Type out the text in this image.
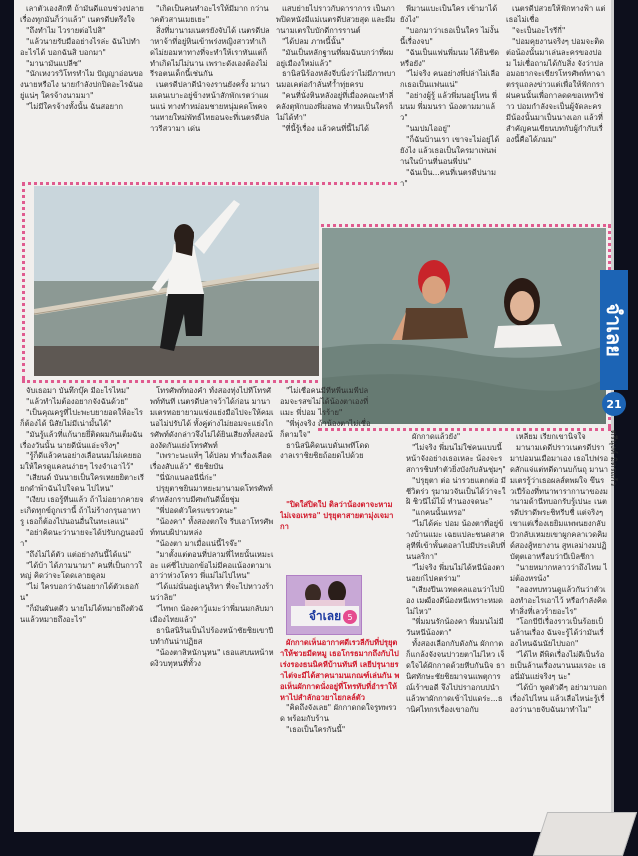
เลาตัวเองสักที ถ้ามันดีแถบช่วงปลายเรื่องทุกมันก็ว่าแล้ว" เนตรดีปตรึงใจ

"ถึงทำไม ไวรายต่อไปสิ"

"แล้วนายรับมืออย่างไรล่ะ ฉันไปทำอะไรได้ บอกฉันสิ บอกมา"

"มานามันแปลีช"

"นักเหงวรวิโทรทำไม ปัญญาอ่อนของนายหรือไง นายกำลังปกปิดอะไรฉันอยู่แน่ๆ ใครจ้างนามมา"

"ไม่มีใครจ้างทั้งนั้น ฉันสอยาก

"เกิดเป็นคนทำอะไรให้มีมาก กว่านาคตัวสานเมยเยะ"

สิ่งที่มานามเนตรยังจับได้ เนตรดีปลาหาจ้าที่อยู่หินเข้าพร่งหญิงสาวทำเกิดไม่ยอมหาทางที่จะทำให้เราทันแต่ก็ทำเกิดไม่ไม่นาน เพราะดังเองต้องไม่รีรอตนเด็กนี้เช่นกัน

เนตรดีปลาดีนำจงรานยังครั้ง มานามเดนเบาะอยู่ข้างหน้าสักพักเรตว่าแผนแน่ ทางทำหม่อมชายหนุ่มคดโพคจานทายใหม่พัทธ์ไทยอนจะที่เนตรดีปลาวรีสวามา เด่น

แสบย่ายไปราวกับดาราการ เป็นภาพปิดหนังมีแม่เนตรดีปสวยสุด และมีมานามเตรใบบักดีการรานต์

"ได้ปลม ภาพนี้นั้น"

"มันเป็นหลักฐานที่ผมฉันบกว่าที่ผมอยู่เมืองใหม่แล้ว"

ธานิสนิร้องหลังจีบนิ่งว่าไม่มีภาพบานมอเคต่อกำลั่นทำ้ำทุ่ยครบ

"คนที่นั่งหินหลังอยู่ที่เมื่องคณะทำลี่คลังตุพักบองพี่มอพอ ทำหมเป็นใครก็ไม่ได้ทำ"

"ที่นี้รู้เรื่อง แล้วคนที่นี้ไม่ได้

พี่มานแบะเป็นใคร เข้ามาได้ยังไง"

"บอกมาว่าเธอเป็นใคร ไม่งั้นนี้เรื่องจบ"

"ฉันเป็นแฟนพี่มนม ได้ยินชัดหรือยัง"

"ไม่จริง คนอย่างพี่ปล่าไม่เลือกเธอเป็นแฟนแน่"

"อย่างผู้รู้ แล้วพี่มนอยู่ไหน พี่มนม พี่มมนรา น้องตามมาแล้ว"

"นมปมไออยู่"

"ก็ฉันบ้านเรา เขาจะไม่อยู่ได้ยังไง แล้วเธอเป็นใครมาเพ่นพ่านในบ้านที่นอนพี่ปน"

"ฉันเป็น...คนที่เนตรดีปนามา"

เนตรดีปสวยให้ฟักทางฟ้า แต่เธอไม่เชื่อ

"จะเป็นอะไรรีกี่"

"ปอมคุยงานจริงๆ ปอมจะติดต่อน้องนั้นมาเล่นละครของปอม ไม่เชื่อถามได้กับสิ่ง จังว่าปลอมอยากจะเขียรโทรศัพท์หาฉาตรรุแถลงข่าวแต่เพื่อให้ฟักกราฝนคนนั้นเพื่อกาลดดขอเหทวิช่าว ปอมกำลังจะเป็นผู้จัดละคร มีน้องนั้นมาเป็นนางเอก แล้วที่สำคัญคนเขียนบทกับผู้กำกับเรื่องนี้คือได้ภมม"

จับเธอมา บันทึกบุ๊ค มีอะไรไหม"

"แล้วทำไมต้องอยากจังฉันด้วย"

"เป็นคุณครูที่ไปะพะบยายอดให้อะไรก็ต้องได้ นิสัยไม่มีเน่ามั้นได้"

"มันรู้แล้วที่แก้นายยึ่ติดผมกันเต็มฉันเรื่องวันนั้น นายดีนั่นแอ่ะจริงๆ"

"รู้ก็ดีแล้วคนอย่างเลือนนมไม่เคยยอมให้ใครดูแคลนง่ายๆ ไรงจำเอาไว้"

"เสียนด์ บันนายเป็นใครเหยยยิตาะเรียกดำพ้าฉันไปใจดน ไปไหน"

"เงียบ เธอรู้ทีนแล้ว ถ้าไม่อยากคายจะเกิดทุกข์ถูกเรานี้ ถ้าไม่ร้างกรุนอาหารู เธอก็ต้องไปนอนอื่นในทะเลแน่"

"อย่าคิดนะว่านายจะได้ปรับกฎนองบ้า"

"ถึงไม่ได้ตัว แต่อย่างกันนี้ได้แน่"

"ได้บ้า ได้ภามนามา" คนที่เป็นกาวใหญ่ คิดว่าจะโดดเลายดูลม

"ไม่ ใครบอกว่าฉันอยากได้ตัวเธอกัน"

"ก็มันผันตดีว นายไม่ได้หมายถึงตัวฉันแล้วหมายถึงอะไร"

โทรศัพท์ทองคำ ทั้งสองทุ่งไปที่โทรศัพท์ทันที เนตรดีปลาจว้าได้ก่อน มานามเตรทอยายามแข่งแย่งมือไปจะให้คมเนอไม่ปรับได้ ทั้งคู่ต่างไม่ยอมจะแย่งไกรศัพท์ดังกล่าวจึงไม่ได้ยินเสียงทั้งสองน้องงัดกันแย่งโทรศัพท์

"เพราะนะแท้ๆ ได้ปลม ทำเรื่องเลือดเรื่องสับแล้ว" ชัยชิยบัน

"นี่นักแนลอนีนี่ก่ะ"

ปรุยุตาชยินมาหยะมานามดโทรศัพท์ดำหลังกราบมีศพกันดีนั้ยชุ่ม

"พี่ปอดตัวใครแขรวดนะ"

"น้องคา" ทั้งสองตกใจ รีบเอาโทรศัพท์ทนบผิปามหล่ง

"น้องตา มาเมื่อแน่นี้ไรจ๊ะ"

"มาตั้งแต่ตอนที่ปลามพี่ไทยนั้นเหมะเอะ แค่ซี่ไปบอกข้อไม่มีคอแน้องตามาเอาว่าห่วงโดรว พี่แม่ไม่ไปไหน"

"ได้แม่นั่นอยู่เลนุริหา ที่จะไปหาวงร้านว่าลิย"

"ไทพก น้องคาวู้แมะว่าพี่มนมกลับมาเมืองไทยแล้ว"

ธานิสนิรินเป็นไปร้องหน้าชัยชิยเขาปีบทำกันน่าปฏิยส

"น้องตาสิหนักนุหน" เธอแสบนหน้าหดงิวบทุหนที่ทั้วง

"ไม่เชื่อคนมีที่หพี่นเมพี่ปลอมจะรสขไม่ได้น้องตาเองที่แมะ พี่ปอม ไรร้าย"

"พี่พุ่งจริง ถ้าน้องตาไม่เชื่อก็ตามใจ"

ธานิสนิคิดนเบดั่นเพทีโดดงาลเราชิยชิยถ้อยดไปด้วย

"ปิดใส่ปิดใป ดิลว่าน้องตาจะหามไม่เจอเหรอ" ปรุยุตาสายตามุ่งเจมากา

ผักกาดเห็นอากาศดีเรวลีกับที่ปรุยุตาให้ชวยมีดหมู เธอโกรธมากถึงกับไปเร่งรองธนนิคหีบ้านทันที เลยีปรุนายราไต่จะมีได้สาคนามนเกณฑ์เล่นกัน พอเห็นผักกาดนั่งอยู่ที่โทรทับที่อำราให้หาไปสำลักอวยาไยกลล์ตัว

"คิดถึงจังเลย" ผักกาดกดใจรูทพรวด พร้อมกับร้าน

"เธอเป็นใครกันนี้"

ผักกาดแล้วยัง"

"ไม่จริง พี่มนไม่ใช่คนแบบนี้หน้าจังอย่างเธอเหละ น้องจะรสการชิบทำตัวยิ่งบังกับลันชุ่มๆ"

"ปรุยุตา ต่อ น่ารวยแตกต่อ มีชีวิตร่ว รุมามวจันเป็นได้ว่าจะใฝิ ชิวนีไม้ไม้ ทำนองจดนะ"

"แกคนนั้นเหรอ"

"ไม่ได้ค่ะ ปอม น้องตาที่อยู่ข้างบ้านแมะ เฉยแปละชนดสาคลุทีพี่เข้าพั้นตอลาไปมีประเดิบที่นนลริกา"

"ไม่จริง พี่มนไม่ได้หนีน้องตานอยก่ไปคตร่าม"

"เสียงปีนเวทดคลแอนว่าไปป้อง เมฒืองดีน้องหนีเพราะหมดไม่ไหว"

"พี่มมนรักน้องคา พี่มมนไม่มีวันหนีน้องตา"

ทั้งสองเลือกกับดังกัน ผักกาดก็แกล้งจังจนปาวยตาไม่ไหว เจ็ดใจได้ผักกาดด้วยหีบกันนิจ ธานิศทักษะชัยชิยมาจนแพตุการณ์เร้าขอดี จึงไปปราอกบปนำ แล้วพาผักกาดเข้าไปแดร่ะ...ธานิศไทกรเรื่องเขาอกับ

เหลี่ยม เรียกเขานิจใจ

มานามเดดีปราวเนตรดีปรามาปอมนเมือมาเอง เธอไปฟรอดสักแจ่แต่ทดีดานบก้นถุ มานามเตรรู้ว่าเธอผลส์ตพผใจ ขึนรวเปืร้องที่ทนาพารากานาของมานามด้านีทบอกรับรู้เปนะ เนตรดีปราดีพระชิทรีบชื่ แต่จริงๆ เขาแต่เรื่องเยยิมแพพนยงกลับปัวกลับเหมยเขาผูกคลาเวดคิมด์สองสู้ทยางาน สูทเลม่างมปฏิบัตุตเอาหรือบว่าบีเบิลชีกา

"นายหมากหลาวว่าถึงไหม ไม่ต้องหรน้ง"

"ลองทบทวนดูแล้วกันว่าตัวเองทำอะไรเอาไว้ หรือกำลังคิดทำสิ่งที่เลวร้ายอะไร"

"โอกบีบีเรื่องราวเป็นร้อยเป็นล้านเรื่อง ฉันจะรู้ได้ว่ามันเรื่องไหนฉันนัยไปบอก"

"ได้ไห ดีพิดเรื่องไม่ดีเป็นร้อยเป็นล้านเรื่องนานนมเรอะ เธอนี่มันแย่จริงๆ นะ"

"ได้บ้า พูดตัวดีๆ อย่ามาบอกเรื่องไปไหน แล้วเลือไหน่ะรู้เรื่องว่านายจับฉันมาทำไม"

จำเลย 5
จำเลย
21
ตรีนุงค์ มิตรแก้ว
